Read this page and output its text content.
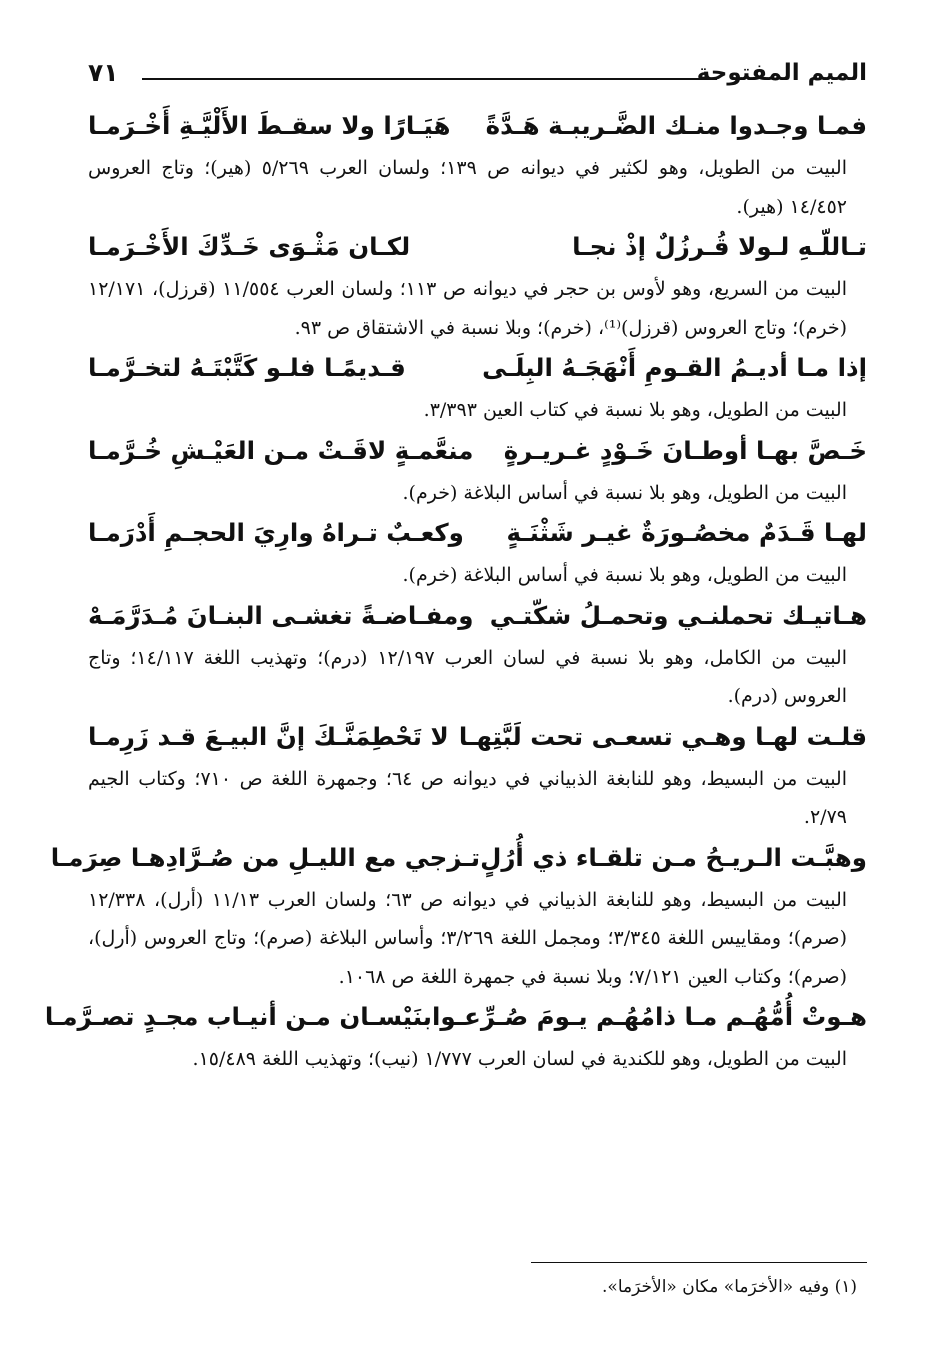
الميم المفتوحة
٧١
فمـا وجـدوا منـك الضَّـريبـة هَـدَّةً
هَيَـارًا ولا سقـطَ الأَلْيَّـةِ أَخْـرَمـا
البيت من الطويل، وهو لكثير في ديوانه ص ١٣٩؛ ولسان العرب ٥/٢٦٩ (هير)؛ وتاج العروس ١٤/٤٥٢ (هير).
تـاللّـهِ لـولا قُـرزُلٌ إذْ نجـا
لكـان مَثْـوَى خَـدِّكَ الأَخْـرَمـا
البيت من السريع، وهو لأوس بن حجر في ديوانه ص ١١٣؛ ولسان العرب ١١/٥٥٤ (قرزل)، ١٢/١٧١ (خرم)؛ وتاج العروس (قرزل)⁽¹⁾، (خرم)؛ وبلا نسبة في الاشتقاق ص ٩٣.
إذا مـا أديـمُ القـومِ أَنْهَجَـهُ البِلَـى
قـديمًـا فلـو كَتَّبْتَـهُ لتخـرَّمـا
البيت من الطويل، وهو بلا نسبة في كتاب العين ٣/٣٩٣.
خَـصَّ بهـا أوطـانَ خَـوْدٍ غـريـرةٍ
منعَّمـةٍ لاقَـتْ مـن العَيْـشِ خُـرَّمـا
البيت من الطويل، وهو بلا نسبة في أساس البلاغة (خرم).
لهـا قَـدَمٌ مخصُـورَةٌ غيـر شَثْنَـةٍ
وكعـبٌ تـراهُ وارِيَ الحجـمِ أَدْرَمـا
البيت من الطويل، وهو بلا نسبة في أساس البلاغة (خرم).
هـاتيـك تحملنـي وتحمـلُ شكّتـي
ومفـاضـةً تغشـى البنـانَ مُـدَرَّمَـهْ
البيت من الكامل، وهو بلا نسبة في لسان العرب ١٢/١٩٧ (درم)؛ وتهذيب اللغة ١٤/١١٧؛ وتاج العروس (درم).
قلـت لهـا وهـي تسعـى تحت لَبَّتِهـا
لا تَحْطِمَنَّـكَ إنَّ البيـعَ قـد زَرِمـا
البيت من البسيط، وهو للنابغة الذبياني في ديوانه ص ٦٤؛ وجمهرة اللغة ص ٧١٠؛ وكتاب الجيم ٢/٧٩.
وهبَّـت الـريـحُ مـن تلقـاء ذي أُرُلٍ
تـزجي مع الليـلِ من صُـرَّادِهـا صِرَمـا
البيت من البسيط، وهو للنابغة الذبياني في ديوانه ص ٦٣؛ ولسان العرب ١١/١٣ (أرل)، ١٢/٣٣٨ (صرم)؛ ومقاييس اللغة ٣/٣٤٥؛ ومجمل اللغة ٣/٢٦٩؛ وأساس البلاغة (صرم)؛ وتاج العروس (أرل)، (صرم)؛ وكتاب العين ٧/١٢١؛ وبلا نسبة في جمهرة اللغة ص ١٠٦٨.
هـوتْ أُمُّهُـم مـا ذامُهُـم يـومَ صُـرِّعـوا
بنَيْسـان مـن أنيـاب مجـدٍ تصـرَّمـا
البيت من الطويل، وهو للكندية في لسان العرب ١/٧٧٧ (نيب)؛ وتهذيب اللغة ١٥/٤٨٩.
(١) وفيه «الأخرَما» مكان «الأخرَما».
